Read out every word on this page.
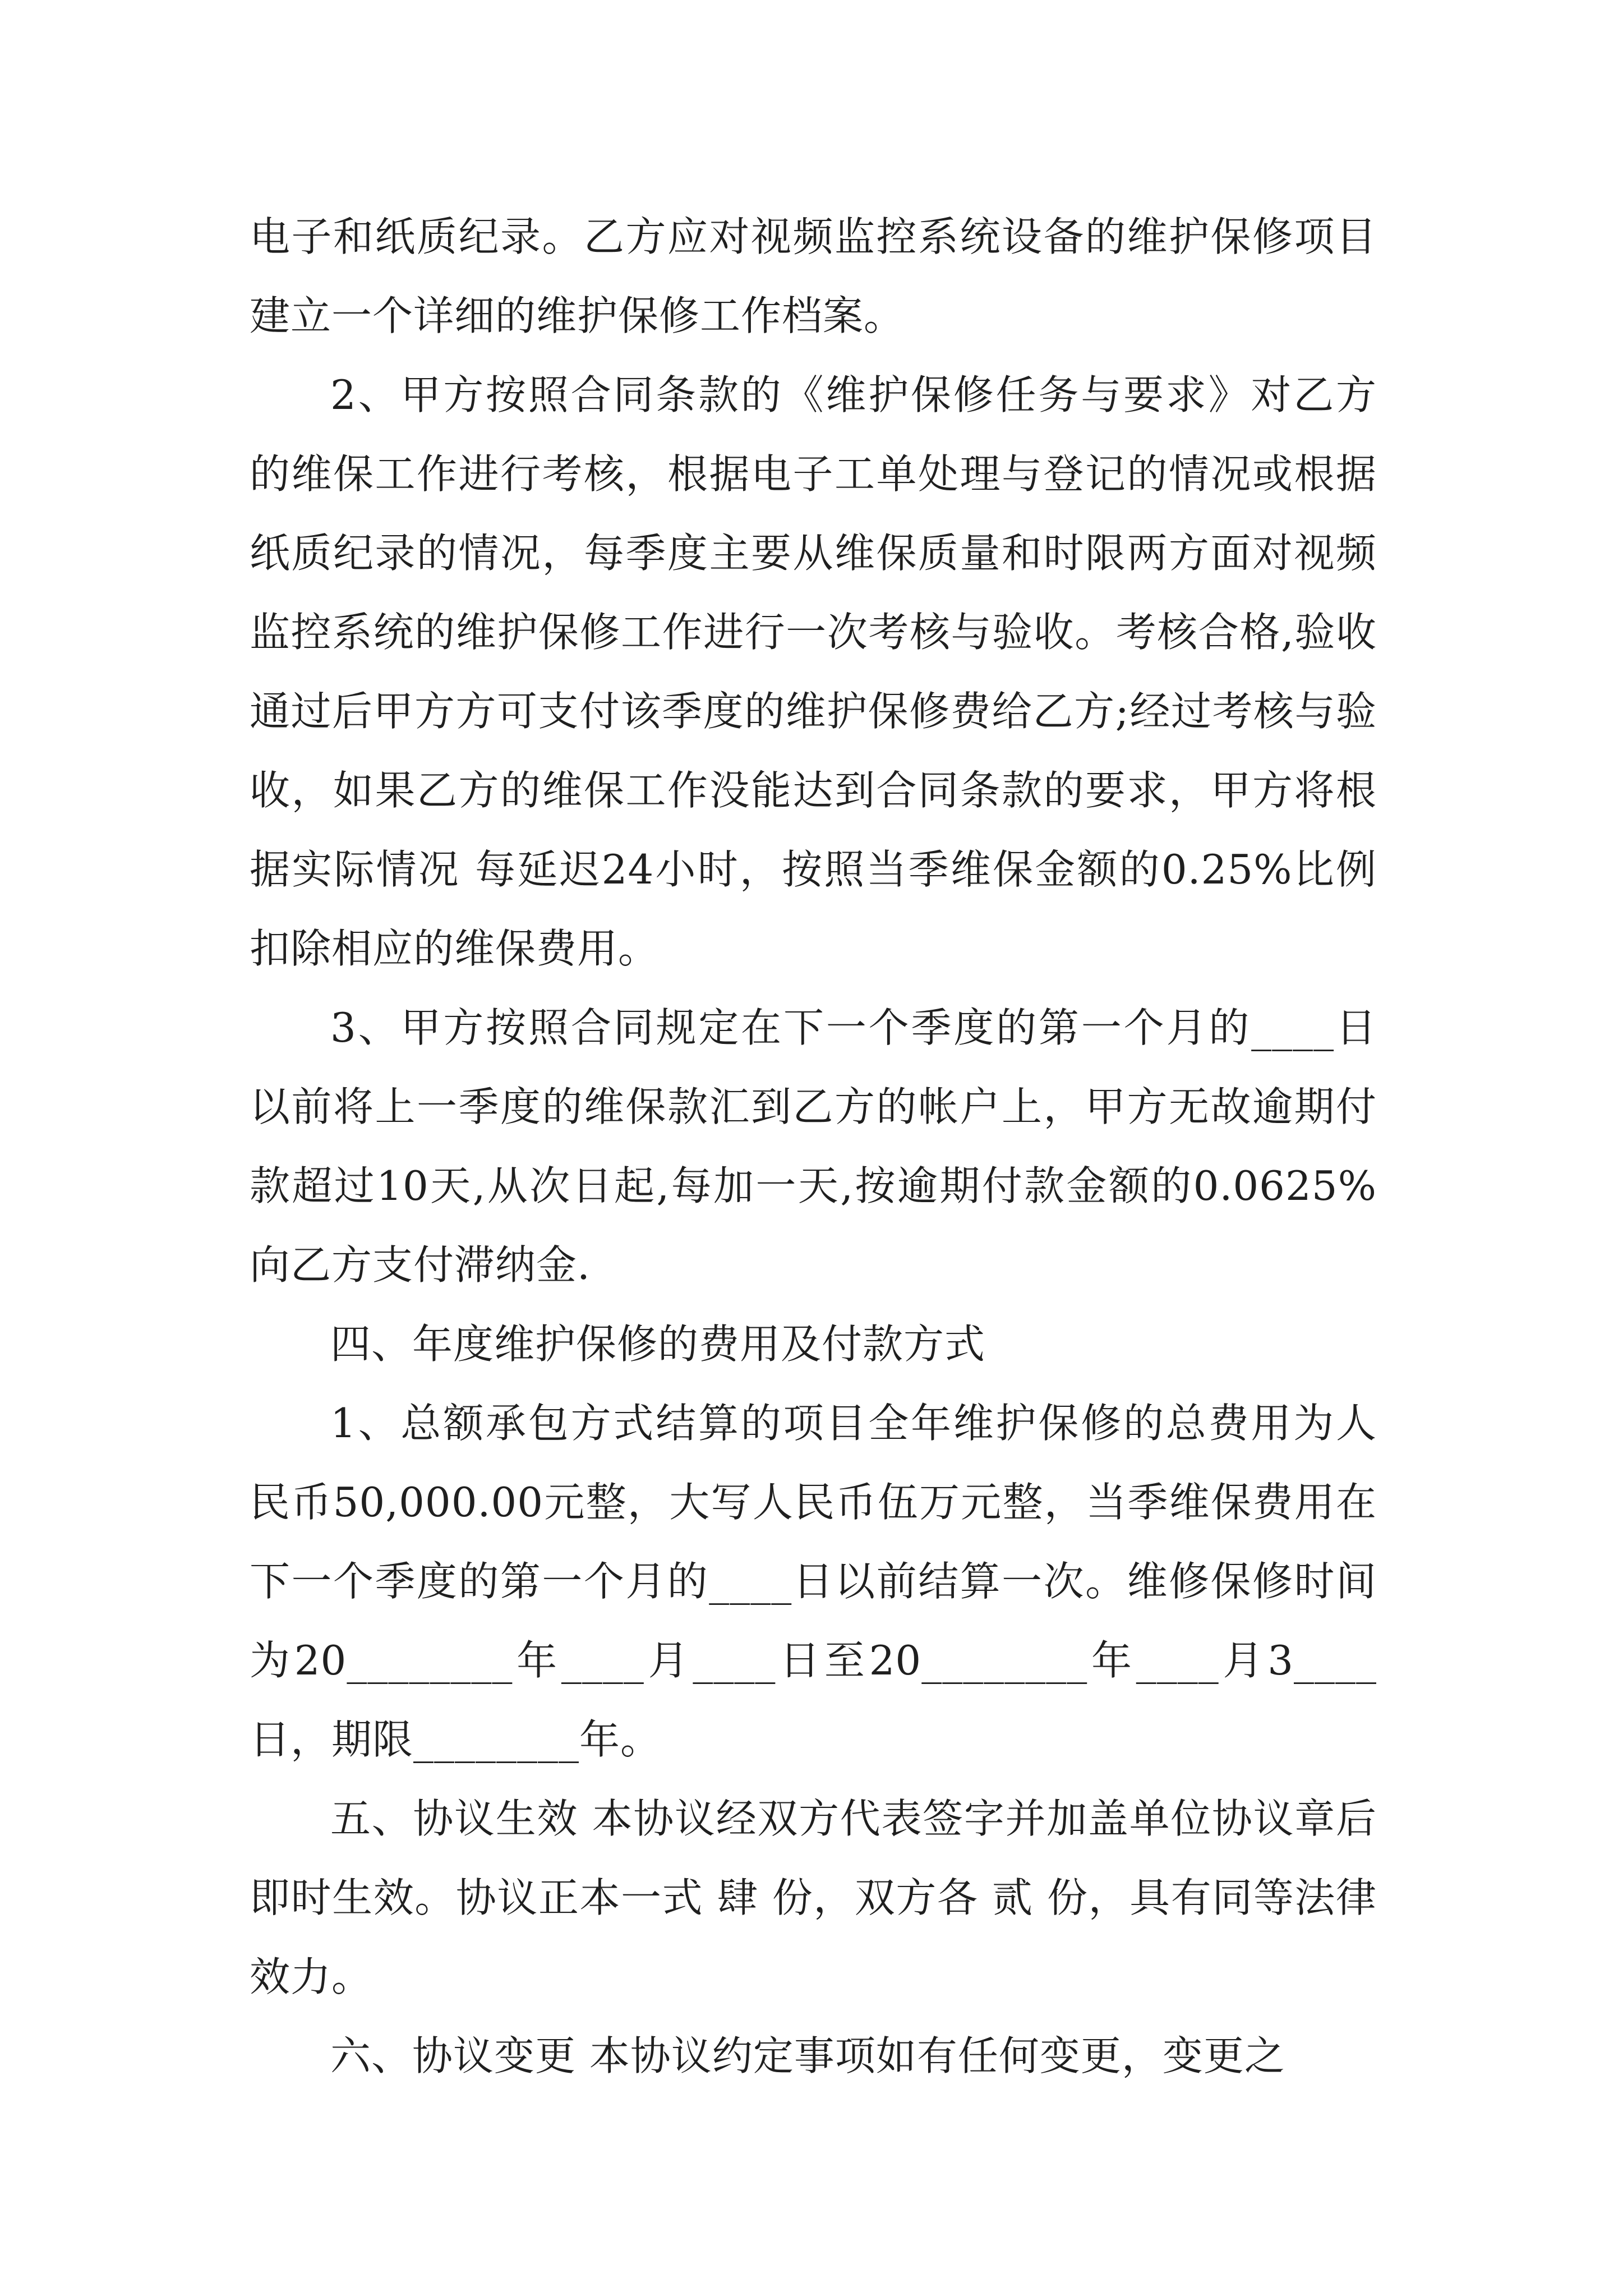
电子和纸质纪录。乙方应对视频监控系统设备的维护保修项目建立一个详细的维护保修工作档案。

2、甲方按照合同条款的《维护保修任务与要求》对乙方的维保工作进行考核，根据电子工单处理与登记的情况或根据纸质纪录的情况，每季度主要从维保质量和时限两方面对视频监控系统的维护保修工作进行一次考核与验收。考核合格,验收通过后甲方方可支付该季度的维护保修费给乙方;经过考核与验收，如果乙方的维保工作没能达到合同条款的要求，甲方将根据实际情况 每延迟24小时，按照当季维保金额的0.25%比例扣除相应的维保费用。

3、甲方按照合同规定在下一个季度的第一个月的____日以前将上一季度的维保款汇到乙方的帐户上，甲方无故逾期付款超过10天,从次日起,每加一天,按逾期付款金额的0.0625%向乙方支付滞纳金.

四、年度维护保修的费用及付款方式

1、总额承包方式结算的项目全年维护保修的总费用为人民币50,000.00元整，大写人民币伍万元整，当季维保费用在下一个季度的第一个月的____日以前结算一次。维修保修时间为20________年____月____日至20________年____月3____日，期限________年。

五、协议生效 本协议经双方代表签字并加盖单位协议章后即时生效。协议正本一式 肆 份，双方各 贰 份，具有同等法律效力。

六、协议变更 本协议约定事项如有任何变更，变更之
